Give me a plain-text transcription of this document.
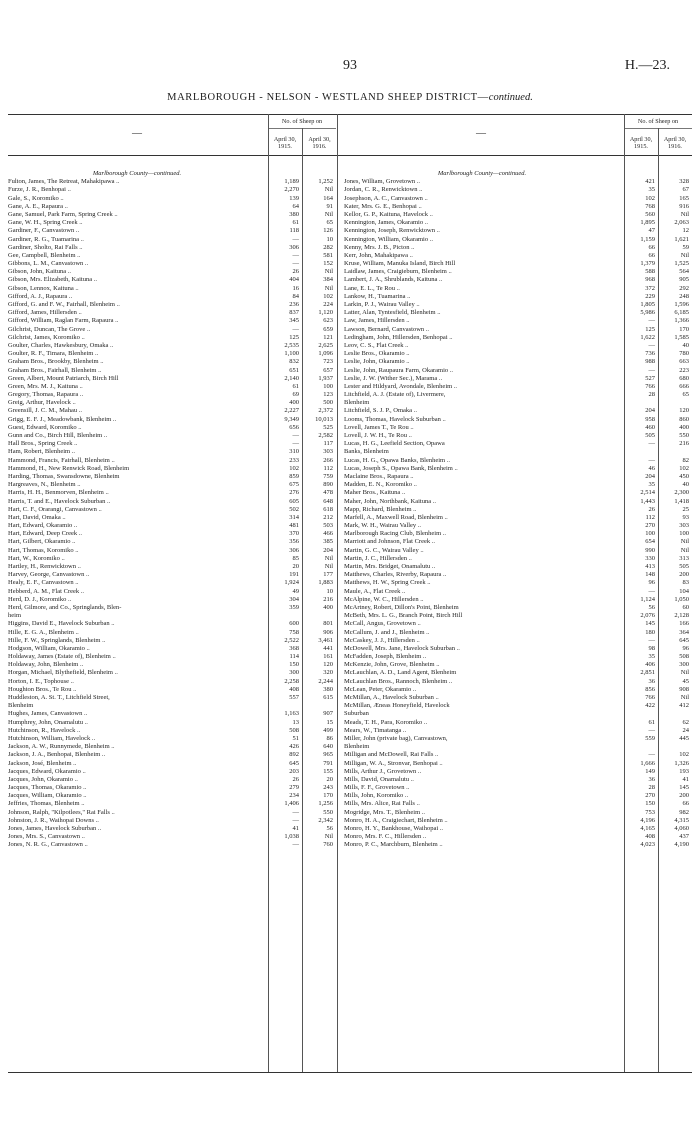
93	H.—23.
MARLBOROUGH - NELSON - WESTLAND SHEEP DISTRICT—continued.
—	—
No. of Sheep on
April 30,
1915.
April 30,
1916.
No. of Sheep on
April 30,
1915.
April 30,
1916.
Marlborough County—continued.
Fulton, James, The Retreat, Mahakipawa ..	1,189	1,252
Furze, J. R., Benhopai ..	2,270	Nil
Gale, S., Koromiko ..	139	164
Gane, A. E., Rapaura ..	64	91
Gane, Samuel, Park Farm, Spring Creek ..	380	Nil
Gane, W. H., Spring Creek ..	61	65
Gardiner, F., Canvastown ..	118	126
Gardiner, R. G., Tuamarina ..	—	10
Gardiner, Sholto, Rai Falls ..	306	282
Gee, Campbell, Blenheim ..	—	581
Gibbons, L. M., Canvastown ..	—	152
Gibson, John, Kaituna ..	26	Nil
Gibson, Mrs. Elizabeth, Kaituna ..	404	384
Gibson, Lennox, Kaituna ..	16	Nil
Gifford, A. J., Rapaura ..	84	102
Gifford, G. and F. W., Fairhall, Blenheim ..	236	224
Gifford, James, Hillersden ..	837	1,120
Gifford, William, Raglan Farm, Rapaura ..	345	623
Gilchrist, Duncan, The Grove ..	—	659
Gilchrist, James, Koromiko ..	125	121
Goulter, Charles, Hawkesbury, Omaka ..	2,535	2,625
Goulter, R. F., Timara, Blenheim ..	1,100	1,096
Graham Bros., Brookby, Blenheim ..	832	723
Graham Bros., Fairhall, Blenheim ..	651	657
Green, Albert, Mount Patriarch, Birch Hill	2,140	1,937
Green, Mrs. M. J., Kaituna ..	61	100
Gregory, Thomas, Rapaura ..	69	123
Greig, Arthur, Havelock ..	400	500
Greensill, J. C. M., Mahau ..	2,227	2,372
Grigg, E. F. J., Meadowbank, Blenheim ..	9,349	10,013
Guest, Edward, Koromiko ..	656	525
Gunn and Co., Birch Hill, Blenheim ..	—	2,582
Hall Bros., Spring Creek ..	—	117
Ham, Robert, Blenheim ..	310	303
Hammond, Francis, Fairhall, Blenheim ..	233	266
Hammond, H., New Renwick Road, Blenheim	102	112
Harding, Thomas, Swansdowne, Blenheim	859	759
Hargreaves, N., Blenheim ..	675	890
Harris, H. H., Benmorven, Blenheim ..	276	478
Harris, T. and E., Havelock Suburban ..	605	648
Hart, C. F., Orarangi, Canvastown ..	502	618
Hart, David, Omaka ..	314	212
Hart, Edward, Okaramio ..	481	503
Hart, Edward, Deep Creek ..	370	466
Hart, Gilbert, Okaramio ..	356	385
Hart, Thomas, Koromiko ..	306	204
Hart, W., Koromiko ..	85	Nil
Hartley, H., Renwicktown ..	20	Nil
Harvey, George, Canvastown ..	191	177
Healy, E. F., Canvastown ..	1,924	1,883
Hebberd, A. M., Flat Creek ..	49	10
Herd, D. J., Koromiko ..	304	216
Herd, Gilmore, and Co., Springlands, Blen-	359	400
heim
Higgins, David E., Havelock Suburban ..	600	801
Hille, E. G. A., Blenheim ..	758	906
Hille, F. W., Springlands, Blenheim ..	2,522	3,461
Hodgson, William, Okaramio ..	368	441
Holdaway, James (Estate of), Blenheim ..	114	161
Holdaway, John, Blenheim ..	150	120
Horgan, Michael, Blythefield, Blenheim ..	300	320
Horton, I. E., Tophouse ..	2,258	2,244
Houghton Bros., Te Rou ..	408	380
Huddleston, A. St. T., Litchfield Street,	557	615
Blenheim
Hughes, James, Canvastown ..	1,163	907
Humphrey, John, Onamalutu ..	13	15
Hutchinson, R., Havelock ..	508	499
Hutchinson, William, Havelock ..	51	86
Jackson, A. W., Runnymede, Blenheim ..	426	640
Jackson, J. A., Benhopai, Blenheim ..	892	965
Jackson, José, Blenheim ..	645	791
Jacques, Edward, Okaramio ..	203	155
Jacques, John, Okaramio ..	26	20
Jacques, Thomas, Okaramio ..	279	243
Jacques, William, Okaramio ..	234	170
Jeffries, Thomas, Blenheim ..	1,406	1,256
Johnson, Ralph, "Kilpotlees," Rai Falls ..	—	550
Johnston, J. R., Waihopai Downs ..	—	2,342
Jones, James, Havelock Suburban ..	41	56
Jones, Mrs. S., Canvastown ..	1,038	Nil
Jones, N. R. G., Canvastown ..	—	760
Marlborough County—continued.
Jones, William, Grovetown ..	421	328
Jordan, C. R., Renwicktown ..	35	67
Josephson, A. C., Canvastown ..	102	165
Kater, Mrs. G. E., Benhopai ..	768	916
Kellor, G. P., Kaituna, Havelock ..	560	Nil
Kennington, James, Okaramio ..	1,895	2,063
Kennington, Joseph, Renwicktown ..	47	12
Kennington, William, Okaramio ..	1,159	1,621
Kenny, Mrs. J. B., Picton ..	66	59
Kerr, John, Mahakipawa ..	66	Nil
Kruse, William, Manuka Island, Birch Hill	1,379	1,525
Laidlaw, James, Craigieburn, Blenheim ..	588	564
Lambert, J. A., Shrublands, Kaituna ..	968	905
Lane, E. L., Te Rou ..	372	292
Lankow, H., Tuamarina ..	229	248
Larkin, P. J., Wairau Valley ..	1,805	1,596
Latter, Alan, Tyntesfield, Blenheim ..	5,986	6,185
Law, James, Hillersden ..	—	1,366
Lawson, Bernard, Canvastown ..	125	170
Ledingham, John, Hillersden, Benhopai ..	1,622	1,585
Leov, C. S., Flat Creek ..	—	40
Leslie Bros., Okaramio ..	736	780
Leslie, John, Okaramio ..	988	663
Leslie, John, Raupaura Farm, Okaramio ..	—	223
Leslie, J. W. (Wither Sec.), Marama ..	527	680
Lester and Hildyard, Avondale, Blenheim ..	766	666
Litchfield, A. J. (Estate of), Livermere,	28	65
Blenheim
Litchfield, S. J. P., Omaka ..	204	120
Looms, Thomas, Havelock Suburban ..	958	860
Lovell, James T., Te Rou ..	460	400
Lovell, J. W. H., Te Rou ..	505	550
Lucas, H. G., Leefield Section, Opawa	—	216
Banks, Blenheim
Lucas, H. G., Opawa Banks, Blenheim ..	—	82
Lucas, Joseph S., Opawa Bank, Blenheim ..	46	102
Maclaine Bros., Rapaura ..	204	450
Madden, E. N., Koromiko ..	35	40
Maher Bros., Kaituna ..	2,514	2,300
Maher, John, Northbank, Kaituna ..	1,443	1,418
Mapp, Richard, Blenheim ..	26	25
Marfell, A., Maxwell Road, Blenheim ..	112	93
Mark, W. H., Wairau Valley ..	270	303
Marlborough Racing Club, Blenheim ..	100	100
Marriott and Johnson, Flat Creek ..	654	Nil
Martin, G. C., Wairau Valley ..	990	Nil
Martin, J. C., Hillersden ..	330	313
Martin, Mrs. Bridget, Onamalutu ..	413	505
Matthews, Charles, Riverby, Rapaura ..	148	200
Matthews, H. W., Spring Creek ..	96	83
Maule, A., Flat Creek ..	—	104
McAlpine, W. C., Hillersden ..	1,124	1,050
McArtney, Robert, Dillon's Point, Blenheim	56	60
McBeth, Mrs. L. G., Branch Point, Birch Hill	2,076	2,128
McCall, Angus, Grovetown ..	145	166
McCallum, J. and J., Blenheim ..	180	364
McCaskey, J. J., Hillersden ..	—	645
McDowell, Mrs. Jane, Havelock Suburban ..	98	96
McFadden, Joseph, Blenheim ..	35	508
McKenzie, John, Grove, Blenheim ..	406	300
McLauchlan, A. D., Land Agent, Blenheim	2,851	Nil
McLauchlan Bros., Rannoch, Blenheim ..	36	45
McLean, Peter, Okaramio ..	856	908
McMillan, A., Havelock Suburban ..	766	Nil
McMillan, Æneas Honeyfield, Havelock	422	412
Suburban
Meads, T. H., Para, Koromiko ..	61	62
Mears, W., Timatanga ..	—	24
Miller, John (private bag), Canvastown,	559	445
Blenheim
Milligan and McDowell, Rai Falls ..	—	102
Milligan, W. A., Stronvar, Benhopai ..	1,666	1,326
Mills, Arthur J., Grovetown ..	149	193
Mills, David, Onamalutu ..	36	41
Mills, F. F., Grovetown ..	28	145
Mills, John, Koromiko ..	270	200
Mills, Mrs. Alice, Rai Falls ..	150	66
Mogridge, Mrs. T., Blenheim ..	753	982
Monro, H. A., Craigiechart, Blenheim ..	4,196	4,315
Monro, H. Y., Bankhouse, Waihopai ..	4,165	4,060
Monro, Mrs. F. C., Hillersden ..	408	437
Monro, P. C., Marchburn, Blenheim ..	4,023	4,190
